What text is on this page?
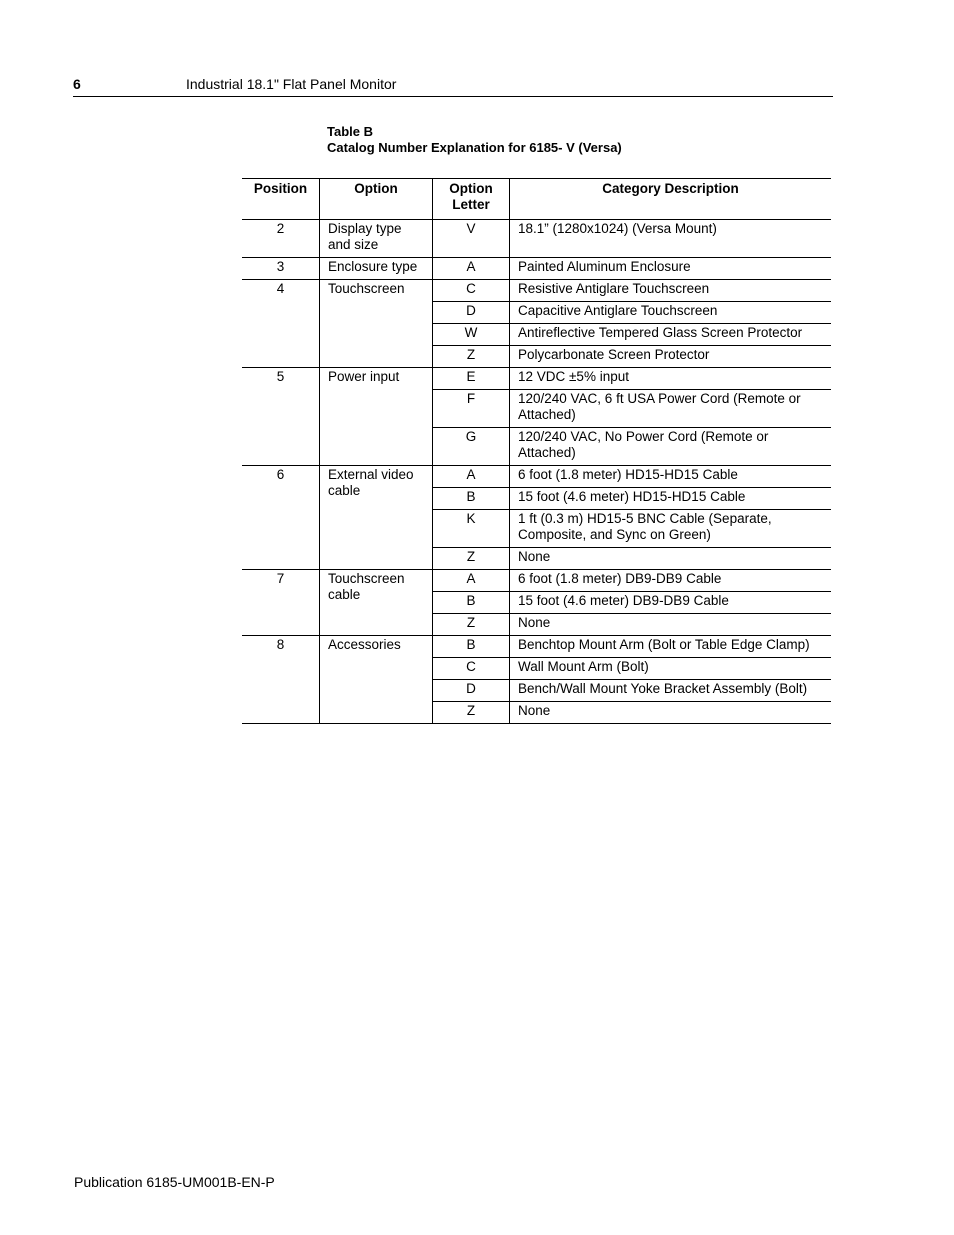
6	Industrial 18.1" Flat Panel Monitor
Table B
Catalog Number Explanation for 6185- V (Versa)
Position	Option	Option Letter	Category Description
2	Display type and size	V	18.1” (1280x1024) (Versa Mount)
3	Enclosure type	A	Painted Aluminum Enclosure
4	Touchscreen	C	Resistive Antiglare Touchscreen
		D	Capacitive Antiglare Touchscreen
		W	Antireflective Tempered Glass Screen Protector
		Z	Polycarbonate Screen Protector
5	Power input	E	12 VDC ±5% input
		F	120/240 VAC, 6 ft USA Power Cord (Remote or Attached)
		G	120/240 VAC, No Power Cord (Remote or Attached)
6	External video cable	A	6 foot (1.8 meter) HD15-HD15 Cable
		B	15 foot (4.6 meter) HD15-HD15 Cable
		K	1 ft (0.3 m) HD15-5 BNC Cable (Separate, Composite, and Sync on Green)
		Z	None
7	Touchscreen cable	A	6 foot (1.8 meter) DB9-DB9 Cable
		B	15 foot (4.6 meter) DB9-DB9 Cable
		Z	None
8	Accessories	B	Benchtop Mount Arm (Bolt or Table Edge Clamp)
		C	Wall Mount Arm (Bolt)
		D	Bench/Wall Mount Yoke Bracket Assembly (Bolt)
		Z	None
Publication 6185-UM001B-EN-P
